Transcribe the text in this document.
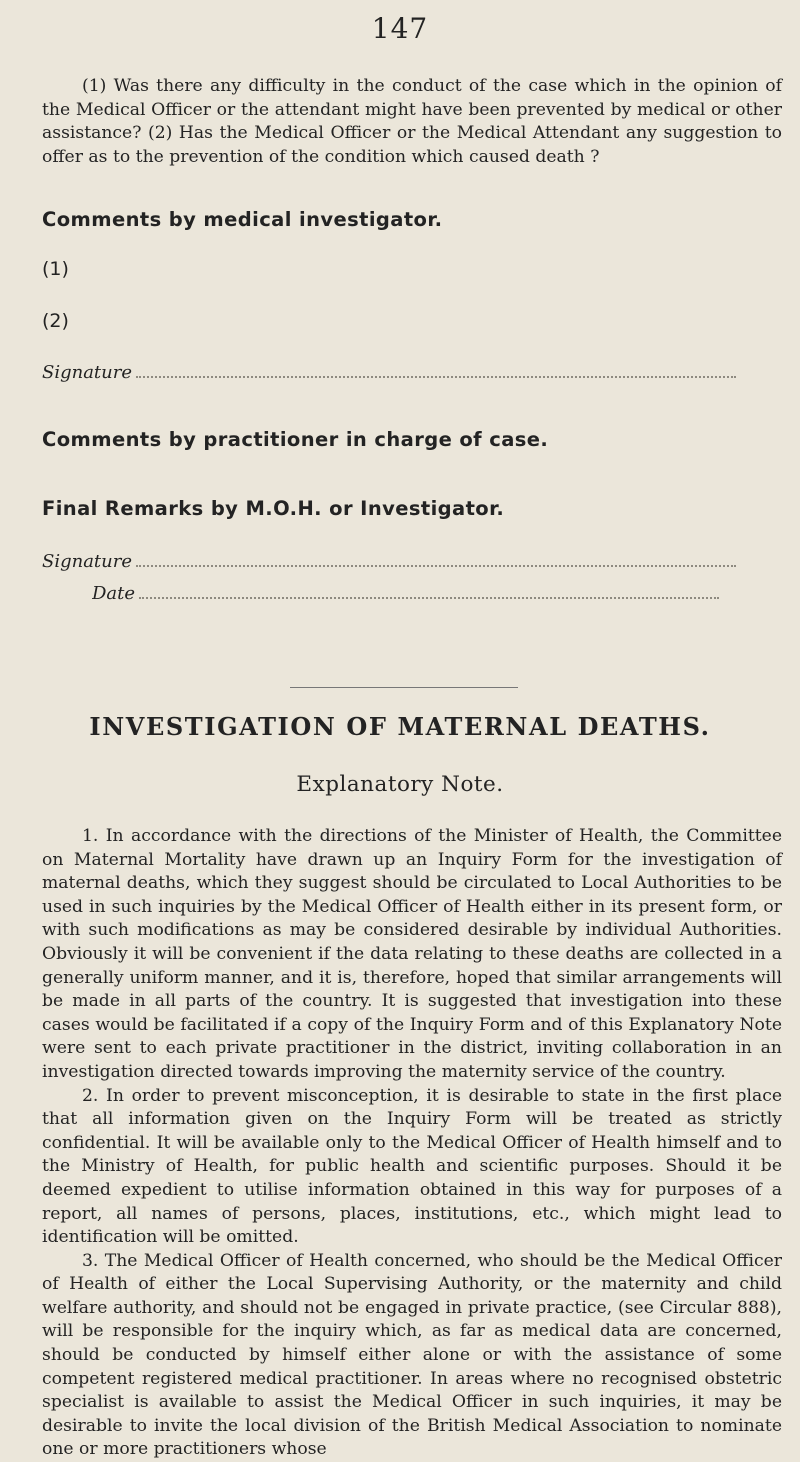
147

(1) Was there any difficulty in the conduct of the case which in the opinion of the Medical Officer or the attendant might have been prevented by medical or other assistance? (2) Has the Medical Officer or the Medical Attendant any suggestion to offer as to the prevention of the condition which caused death ?

Comments by medical investigator.

(1)

(2)

Signature

Comments by practitioner in charge of case.

Final Remarks by M.O.H. or Investigator.

Signature

Date

INVESTIGATION OF MATERNAL DEATHS.

Explanatory Note.

1. In accordance with the directions of the Minister of Health, the Committee on Maternal Mortality have drawn up an Inquiry Form for the investigation of maternal deaths, which they suggest should be circulated to Local Authorities to be used in such inquiries by the Medical Officer of Health either in its present form, or with such modifications as may be considered desirable by individual Authorities. Obviously it will be convenient if the data relating to these deaths are collected in a generally uniform manner, and it is, therefore, hoped that similar arrangements will be made in all parts of the country. It is suggested that investigation into these cases would be facilitated if a copy of the Inquiry Form and of this Explanatory Note were sent to each private practitioner in the district, inviting collaboration in an investigation directed towards improving the maternity service of the country.

2. In order to prevent misconception, it is desirable to state in the first place that all information given on the Inquiry Form will be treated as strictly confidential. It will be available only to the Medical Officer of Health himself and to the Ministry of Health, for public health and scientific purposes. Should it be deemed expedient to utilise information obtained in this way for purposes of a report, all names of persons, places, institutions, etc., which might lead to identification will be omitted.

3. The Medical Officer of Health concerned, who should be the Medical Officer of Health of either the Local Supervising Authority, or the maternity and child welfare authority, and should not be engaged in private practice, (see Circular 888), will be responsible for the inquiry which, as far as medical data are concerned, should be conducted by himself either alone or with the assistance of some competent registered medical practitioner. In areas where no recognised obstetric specialist is available to assist the Medical Officer in such inquiries, it may be desirable to invite the local division of the British Medical Association to nominate one or more practitioners whose
